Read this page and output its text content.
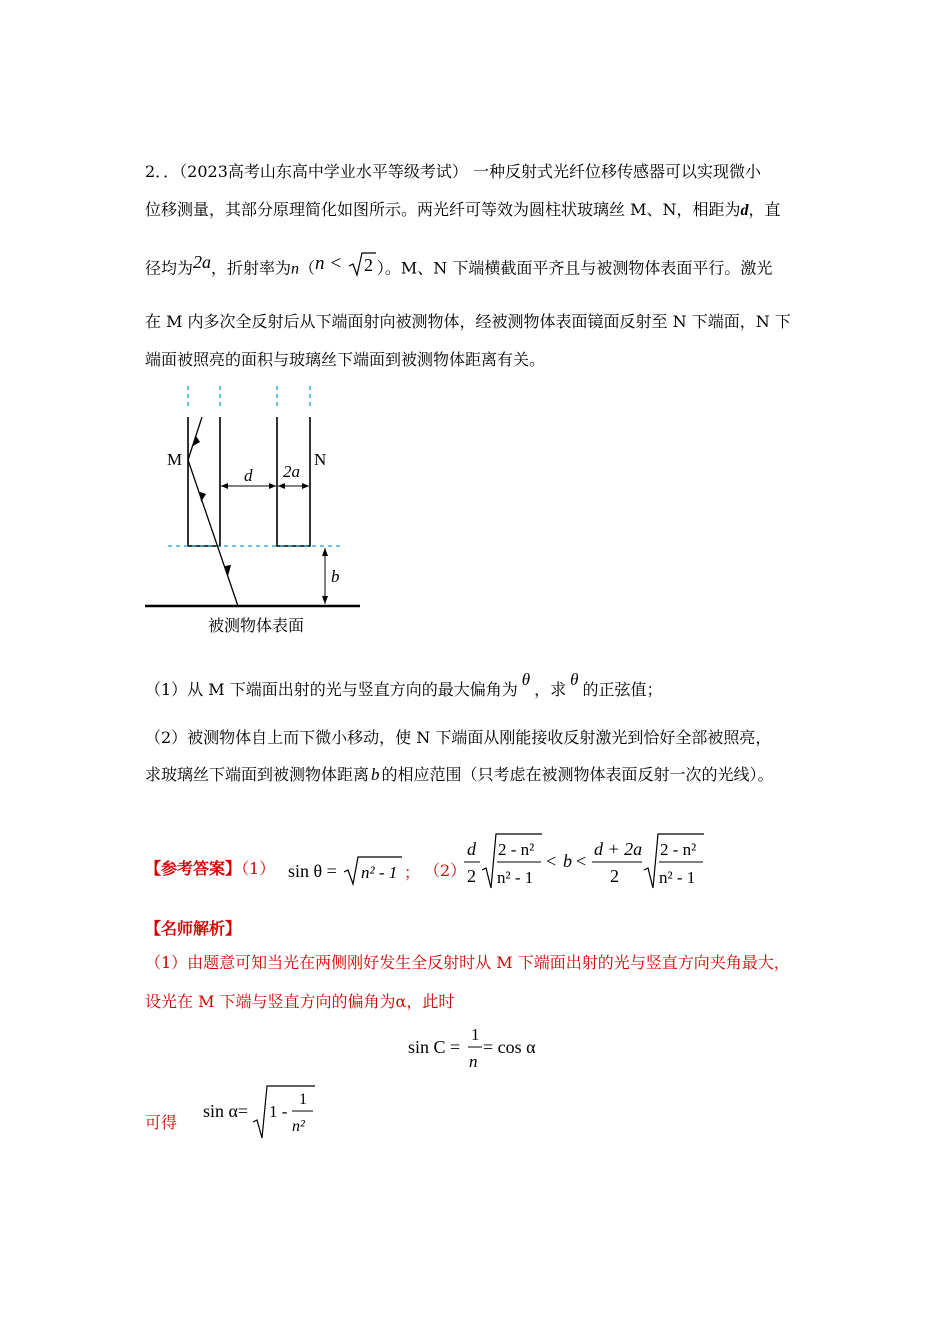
2．．（2023高考山东高中学业水平等级考试） 一种反射式光纤位移传感器可以实现微小
位移测量，其部分原理简化如图所示。两光纤可等效为圆柱状玻璃丝 M、N，相距为d，直
径均为2a，折射率为n（n < 2 ）。M、N 下端横截面平齐且与被测物体表面平行。激光
在 M 内多次全反射后从下端面射向被测物体，经被测物体表面镜面反射至 N 下端面，N 下
端面被照亮的面积与玻璃丝下端面到被测物体距离有关。
M	N
d 2a
b
被测物体表面
（1）从 M 下端面出射的光与竖直方向的最大偏角为θ，求θ的正弦值；
（2）被测物体自上而下微小移动，使 N 下端面从刚能接收反射激光到恰好全部被照亮，
求玻璃丝下端面到被测物体距离 b 的相应范围（只考虑在被测物体表面反射一次的光线）。
【参考答案】（1） sin θ = n² - 1 ； （2）
d
2
2 - n²
n² - 1
< b <
d + 2a
2
2 - n²
n² - 1
【名师解析】
（1）由题意可知当光在两侧刚好发生全反射时从 M 下端面出射的光与竖直方向夹角最大，
设光在 M 下端与竖直方向的偏角为α，此时
sin C =
1
n
= cos α
可得
sin α= 1 -
1
n²
